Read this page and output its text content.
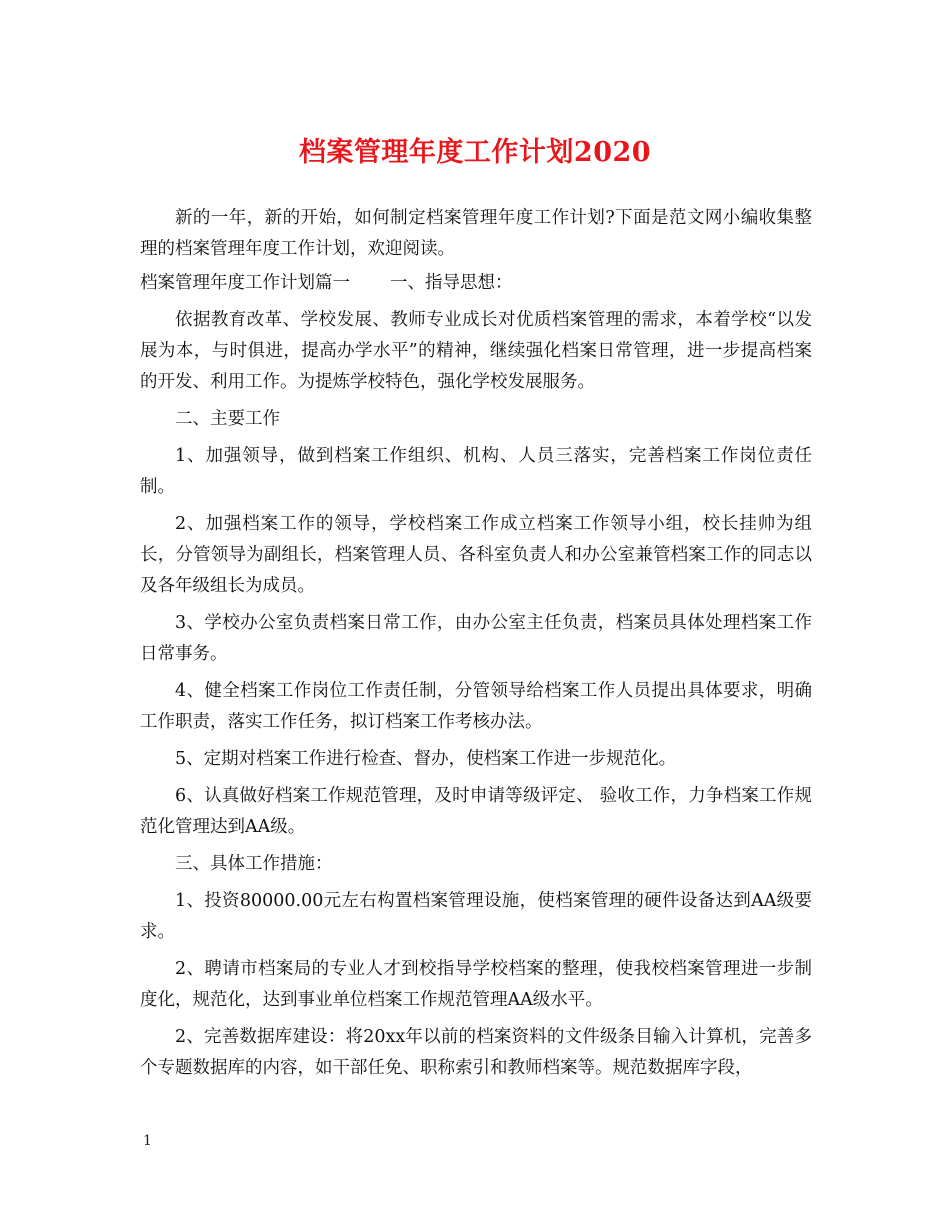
档案管理年度工作计划2020

新的一年，新的开始，如何制定档案管理年度工作计划?下面是范文网小编收集整理的档案管理年度工作计划，欢迎阅读。

档案管理年度工作计划篇一 一、指导思想：

依据教育改革、学校发展、教师专业成长对优质档案管理的需求，本着学校“以发展为本，与时俱进，提高办学水平”的精神，继续强化档案日常管理，进一步提高档案的开发、利用工作。为提炼学校特色，强化学校发展服务。

二、主要工作

1、加强领导，做到档案工作组织、机构、人员三落实，完善档案工作岗位责任制。

2、加强档案工作的领导，学校档案工作成立档案工作领导小组，校长挂帅为组长，分管领导为副组长，档案管理人员、各科室负责人和办公室兼管档案工作的同志以及各年级组长为成员。

3、学校办公室负责档案日常工作，由办公室主任负责，档案员具体处理档案工作日常事务。

4、健全档案工作岗位工作责任制，分管领导给档案工作人员提出具体要求，明确工作职责，落实工作任务，拟订档案工作考核办法。

5、定期对档案工作进行检查、督办，使档案工作进一步规范化。

6、认真做好档案工作规范管理，及时申请等级评定、 验收工作，力争档案工作规范化管理达到AA级。

三、具体工作措施：

1、投资80000.00元左右构置档案管理设施，使档案管理的硬件设备达到AA级要求。

2、聘请市档案局的专业人才到校指导学校档案的整理，使我校档案管理进一步制度化，规范化，达到事业单位档案工作规范管理AA级水平。

2、完善数据库建设：将20xx年以前的档案资料的文件级条目输入计算机，完善多个专题数据库的内容，如干部任免、职称索引和教师档案等。规范数据库字段，

1
